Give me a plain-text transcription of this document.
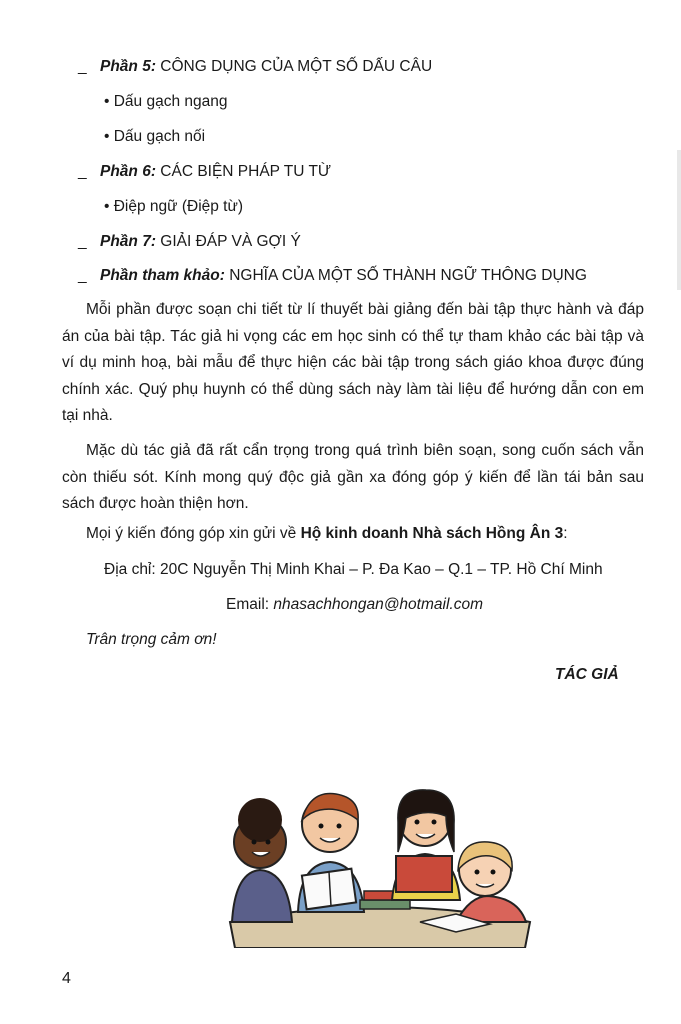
_ Phần 5: CÔNG DỤNG CỦA MỘT SỐ DẤU CÂU
• Dấu gạch ngang
• Dấu gạch nối
_ Phần 6: CÁC BIỆN PHÁP TU TỪ
• Điệp ngữ (Điệp từ)
_ Phần 7: GIẢI ĐÁP VÀ GỢI Ý
_ Phần tham khảo: NGHĨA CỦA MỘT SỐ THÀNH NGỮ THÔNG DỤNG
Mỗi phần được soạn chi tiết từ lí thuyết bài giảng đến bài tập thực hành và đáp án của bài tập. Tác giả hi vọng các em học sinh có thể tự tham khảo các bài tập và ví dụ minh hoạ, bài mẫu để thực hiện các bài tập trong sách giáo khoa được đúng chính xác. Quý phụ huynh có thể dùng sách này làm tài liệu để hướng dẫn con em tại nhà.
Mặc dù tác giả đã rất cẩn trọng trong quá trình biên soạn, song cuốn sách vẫn còn thiếu sót. Kính mong quý độc giả gần xa đóng góp ý kiến để lần tái bản sau sách được hoàn thiện hơn.
Mọi ý kiến đóng góp xin gửi về Hộ kinh doanh Nhà sách Hồng Ân 3:
Địa chỉ: 20C Nguyễn Thị Minh Khai – P. Đa Kao – Q.1 – TP. Hồ Chí Minh
Email: nhasachhongan@hotmail.com
Trân trọng cảm ơn!
TÁC GIẢ
4
